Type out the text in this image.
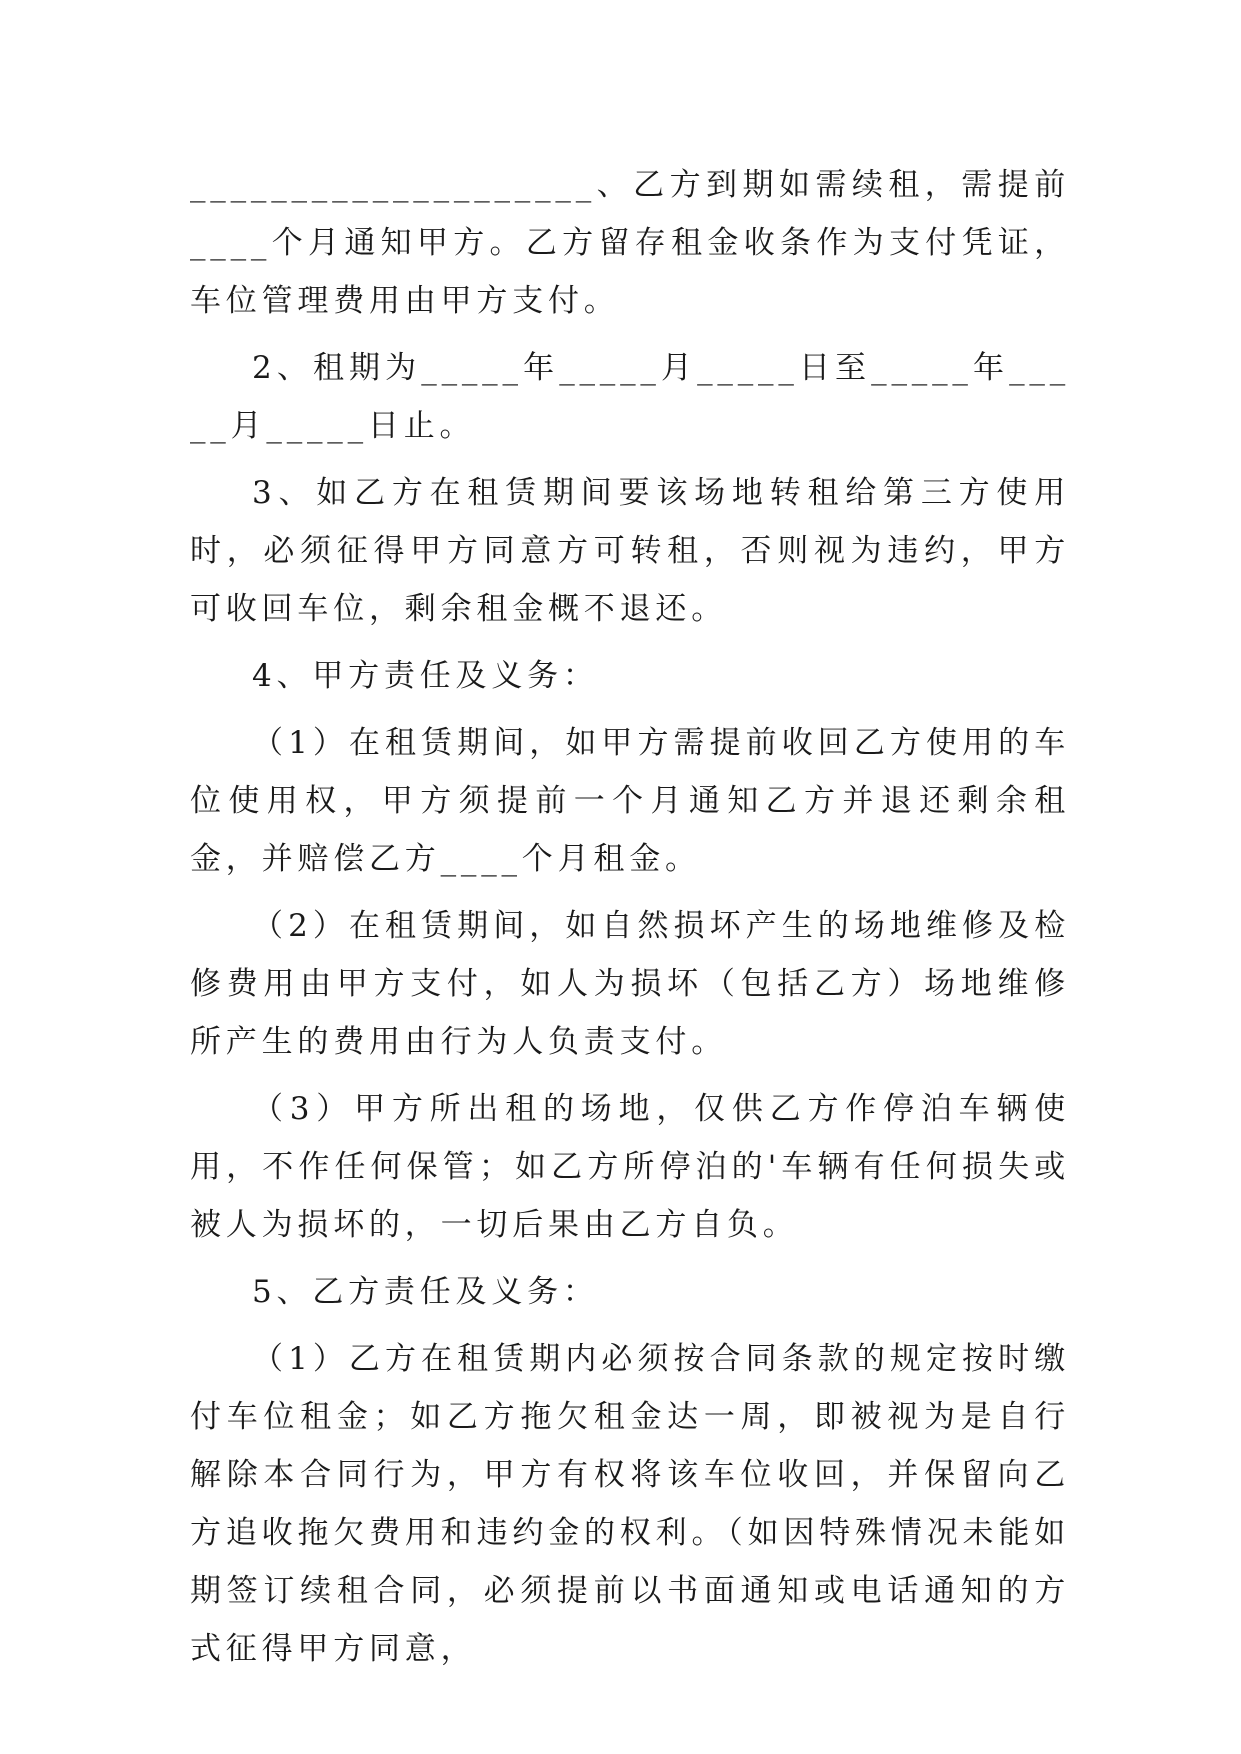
____________________、乙方到期如需续租，需提前____个月通知甲方。乙方留存租金收条作为支付凭证，车位管理费用由甲方支付。

2、租期为_____年_____月_____日至_____年_____月_____日止。

3、如乙方在租赁期间要该场地转租给第三方使用时，必须征得甲方同意方可转租，否则视为违约，甲方可收回车位，剩余租金概不退还。

4、甲方责任及义务：

（1）在租赁期间，如甲方需提前收回乙方使用的车位使用权，甲方须提前一个月通知乙方并退还剩余租金，并赔偿乙方____个月租金。

（2）在租赁期间，如自然损坏产生的场地维修及检修费用由甲方支付，如人为损坏（包括乙方）场地维修所产生的费用由行为人负责支付。

（3）甲方所出租的场地，仅供乙方作停泊车辆使用，不作任何保管；如乙方所停泊的'车辆有任何损失或被人为损坏的，一切后果由乙方自负。

5、乙方责任及义务：

（1）乙方在租赁期内必须按合同条款的规定按时缴付车位租金；如乙方拖欠租金达一周，即被视为是自行解除本合同行为，甲方有权将该车位收回，并保留向乙方追收拖欠费用和违约金的权利。（如因特殊情况未能如期签订续租合同，必须提前以书面通知或电话通知的方式征得甲方同意，
